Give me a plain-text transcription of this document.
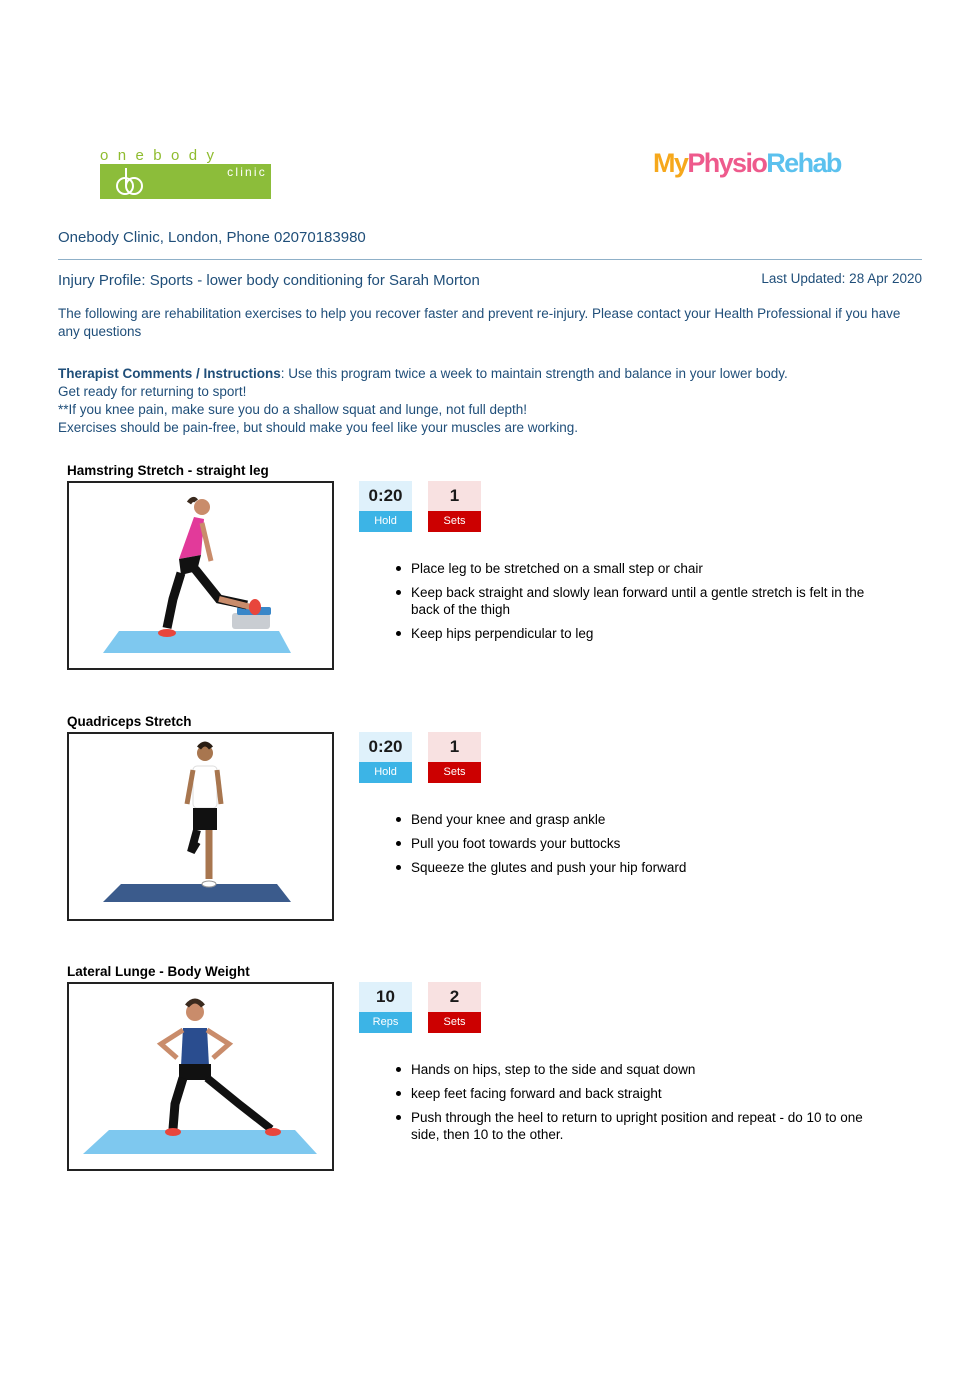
onebody
clinic	MyPhysioRehab
Onebody Clinic, London, Phone 02070183980
Injury Profile: Sports - lower body conditioning for Sarah Morton	Last Updated: 28 Apr 2020
The following are rehabilitation exercises to help you recover faster and prevent re-injury. Please contact your Health Professional if you have any questions
Therapist Comments / Instructions: Use this program twice a week to maintain strength and balance in your lower body.
Get ready for returning to sport!
**If you knee pain, make sure you do a shallow squat and lunge, not full depth!
Exercises should be pain-free, but should make you feel like your muscles are working.
Hamstring Stretch - straight leg
0:20
Hold
1
Sets
Place leg to be stretched on a small step or chair
Keep back straight and slowly lean forward until a gentle stretch is felt in the back of the thigh
Keep hips perpendicular to leg
Quadriceps Stretch
0:20
Hold
1
Sets
Bend your knee and grasp ankle
Pull you foot towards your buttocks
Squeeze the glutes and push your hip forward
Lateral Lunge - Body Weight
10
Reps
2
Sets
Hands on hips, step to the side and squat down
keep feet facing forward and back straight
Push through the heel to return to upright position and repeat - do 10 to one side, then 10 to the other.
